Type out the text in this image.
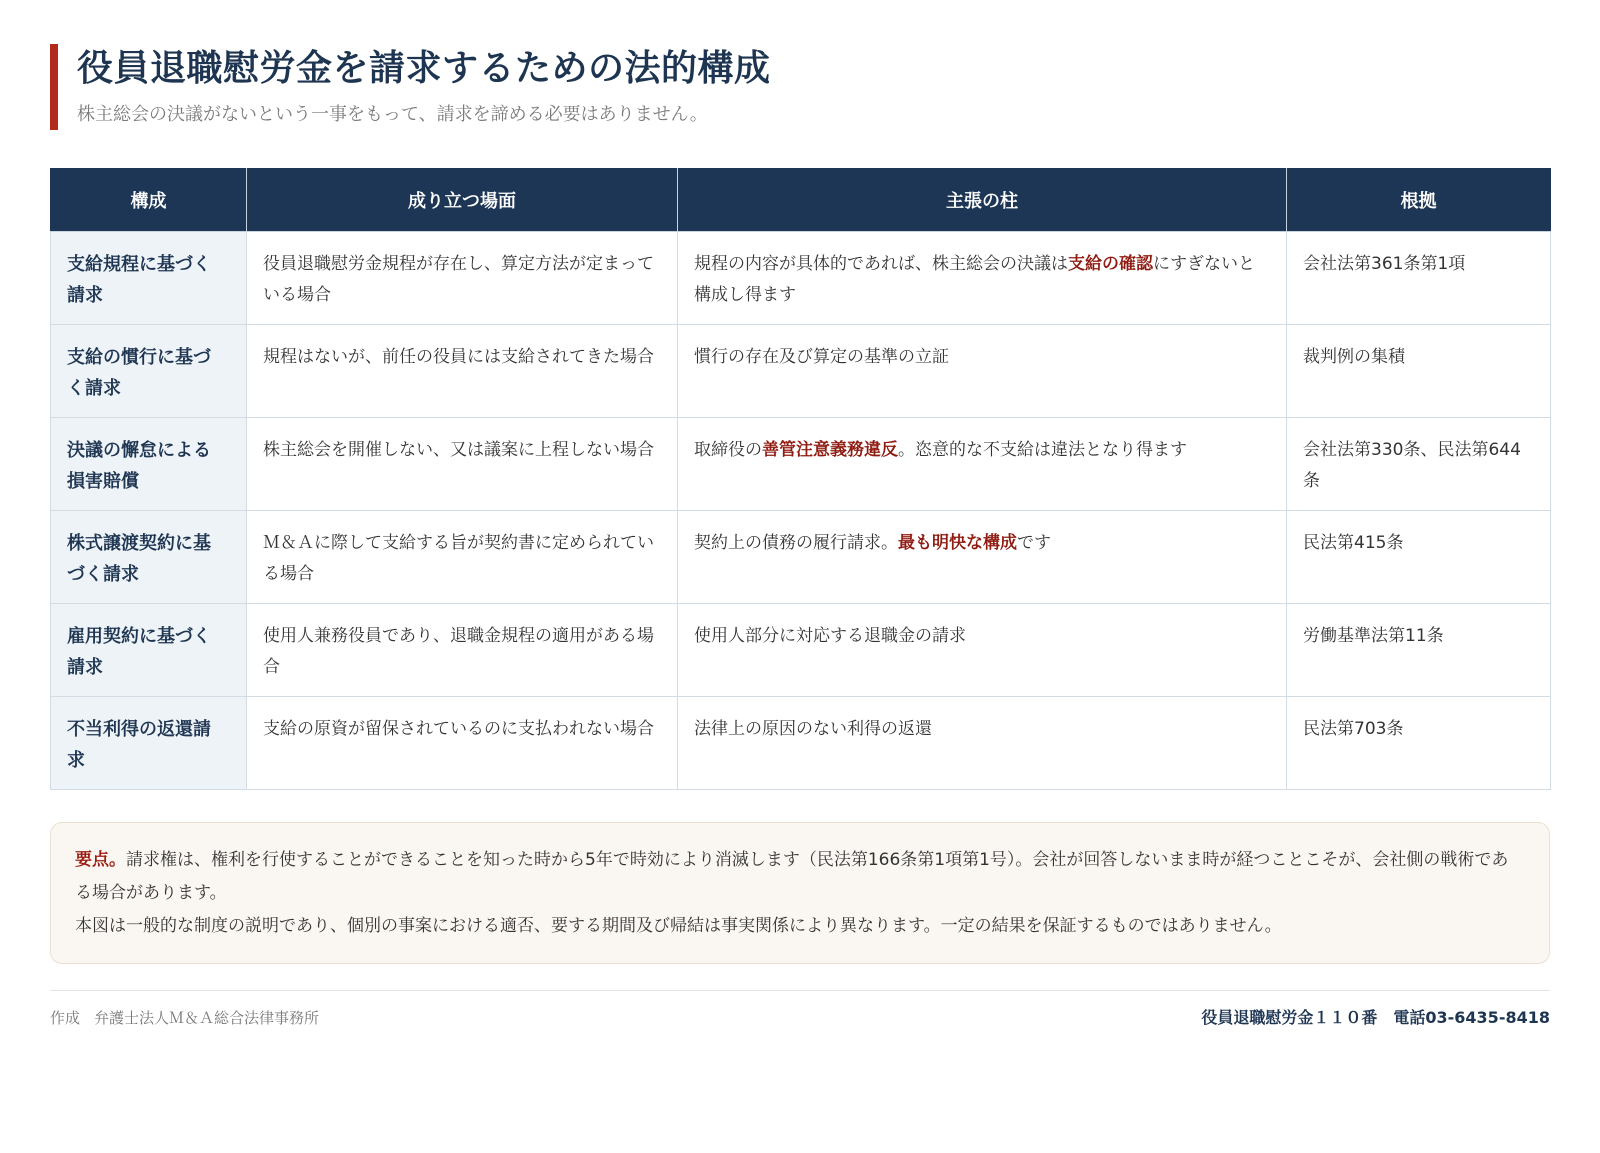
役員退職慰労金を請求するための法的構成
株主総会の決議がないという一事をもって、請求を諦める必要はありません。
構成	成り立つ場面	主張の柱	根拠
支給規程に基づく請求	役員退職慰労金規程が存在し、算定方法が定まっている場合	規程の内容が具体的であれば、株主総会の決議は支給の確認にすぎないと構成し得ます	会社法第361条第1項
支給の慣行に基づく請求	規程はないが、前任の役員には支給されてきた場合	慣行の存在及び算定の基準の立証	裁判例の集積
決議の懈怠による損害賠償	株主総会を開催しない、又は議案に上程しない場合	取締役の善管注意義務違反。恣意的な不支給は違法となり得ます	会社法第330条、民法第644条
株式譲渡契約に基づく請求	Ｍ＆Ａに際して支給する旨が契約書に定められている場合	契約上の債務の履行請求。最も明快な構成です	民法第415条
雇用契約に基づく請求	使用人兼務役員であり、退職金規程の適用がある場合	使用人部分に対応する退職金の請求	労働基準法第11条
不当利得の返還請求	支給の原資が留保されているのに支払われない場合	法律上の原因のない利得の返還	民法第703条
要点。請求権は、権利を行使することができることを知った時から5年で時効により消滅します（民法第166条第1項第1号）。会社が回答しないまま時が経つことこそが、会社側の戦術である場合があります。
本図は一般的な制度の説明であり、個別の事案における適否、要する期間及び帰結は事実関係により異なります。一定の結果を保証するものではありません。
作成 弁護士法人Ｍ＆Ａ総合法律事務所	役員退職慰労金１１０番 電話03-6435-8418
